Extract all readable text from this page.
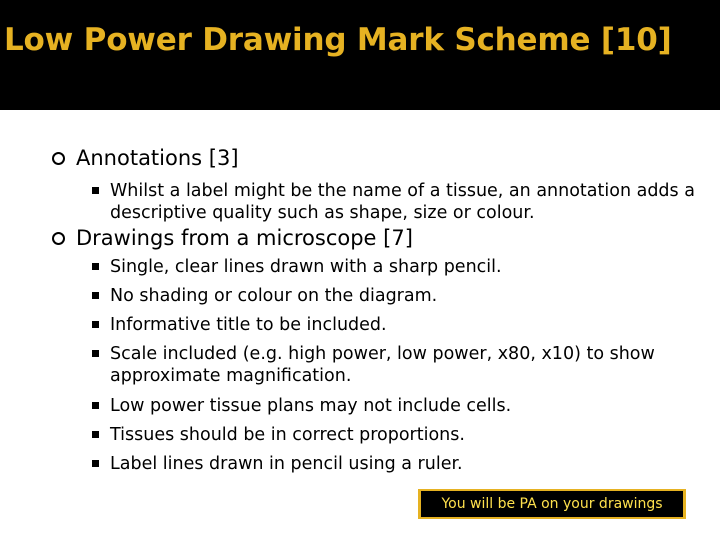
Low Power Drawing Mark Scheme [10]
Annotations [3]
Whilst a label might be the name of a tissue, an annotation adds a descriptive quality such as shape, size or colour.
Drawings from a microscope [7]
Single, clear lines drawn with a sharp pencil.
No shading or colour on the diagram.
Informative title to be included.
Scale included (e.g. high power, low power, x80, x10) to show approximate magnification.
Low power tissue plans may not include cells.
Tissues should be in correct proportions.
Label lines drawn in pencil using a ruler.
You will be PA on your drawings
